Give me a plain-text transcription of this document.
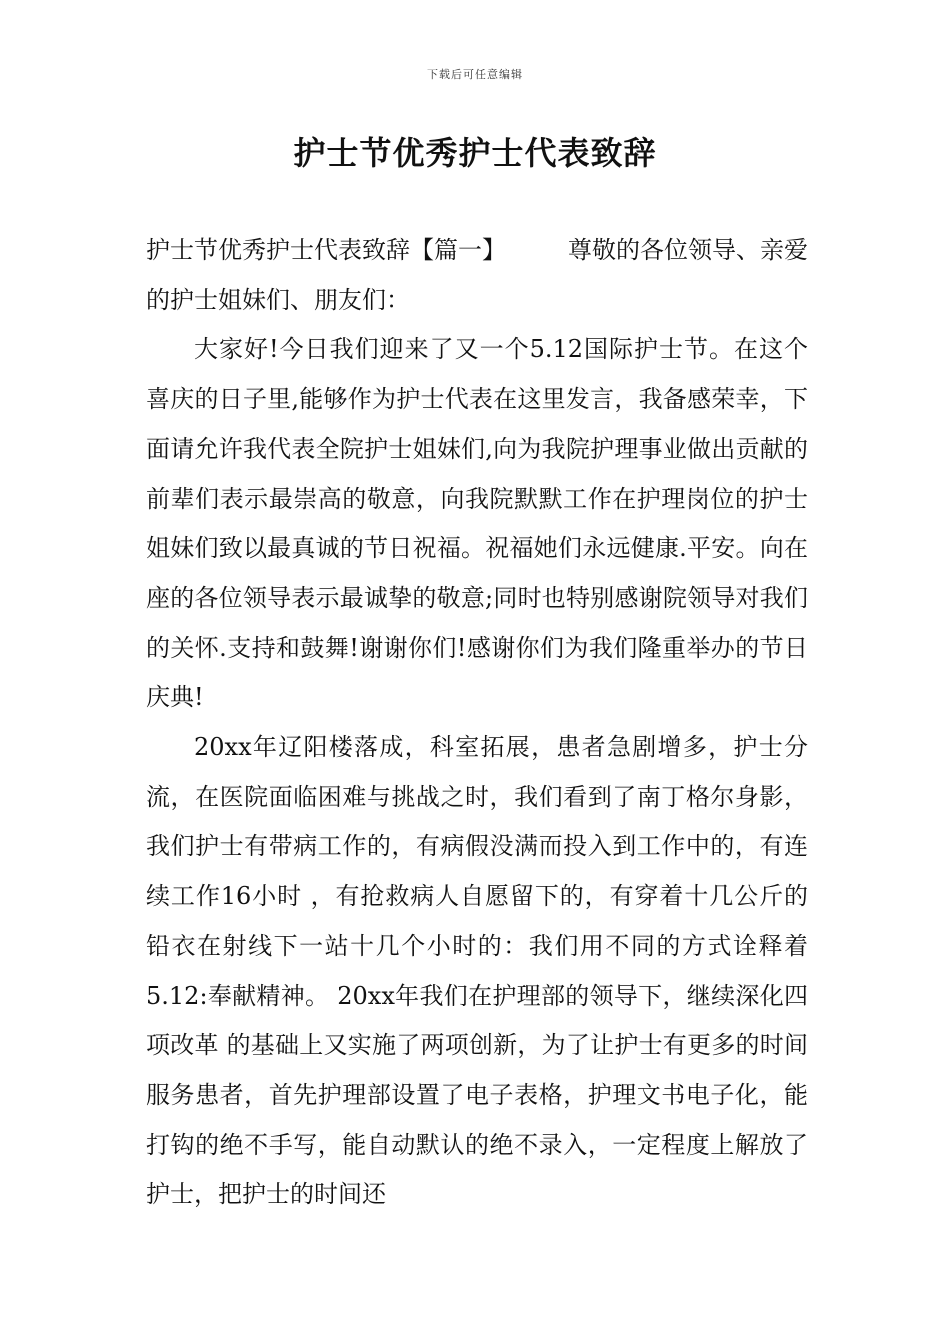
下载后可任意编辑
护士节优秀护士代表致辞

护士节优秀护士代表致辞【篇一】	尊敬的各位领导、亲爱的护士姐妹们、朋友们：

大家好!今日我们迎来了又一个5.12国际护士节。在这个喜庆的日子里,能够作为护士代表在这里发言，我备感荣幸，下面请允许我代表全院护士姐妹们,向为我院护理事业做出贡献的前辈们表示最崇高的敬意，向我院默默工作在护理岗位的护士姐妹们致以最真诚的节日祝福。祝福她们永远健康.平安。向在座的各位领导表示最诚挚的敬意;同时也特别感谢院领导对我们的关怀.支持和鼓舞!谢谢你们!感谢你们为我们隆重举办的节日庆典!

20xx年辽阳楼落成，科室拓展，患者急剧增多，护士分流，在医院面临困难与挑战之时，我们看到了南丁格尔身影，我们护士有带病工作的，有病假没满而投入到工作中的，有连续工作16小时 ，有抢救病人自愿留下的，有穿着十几公斤的铅衣在射线下一站十几个小时的：我们用不同的方式诠释着5.12:奉献精神。 20xx年我们在护理部的领导下，继续深化四项改革 的基础上又实施了两项创新，为了让护士有更多的时间服务患者，首先护理部设置了电子表格，护理文书电子化，能打钩的绝不手写，能自动默认的绝不录入，一定程度上解放了护士，把护士的时间还
